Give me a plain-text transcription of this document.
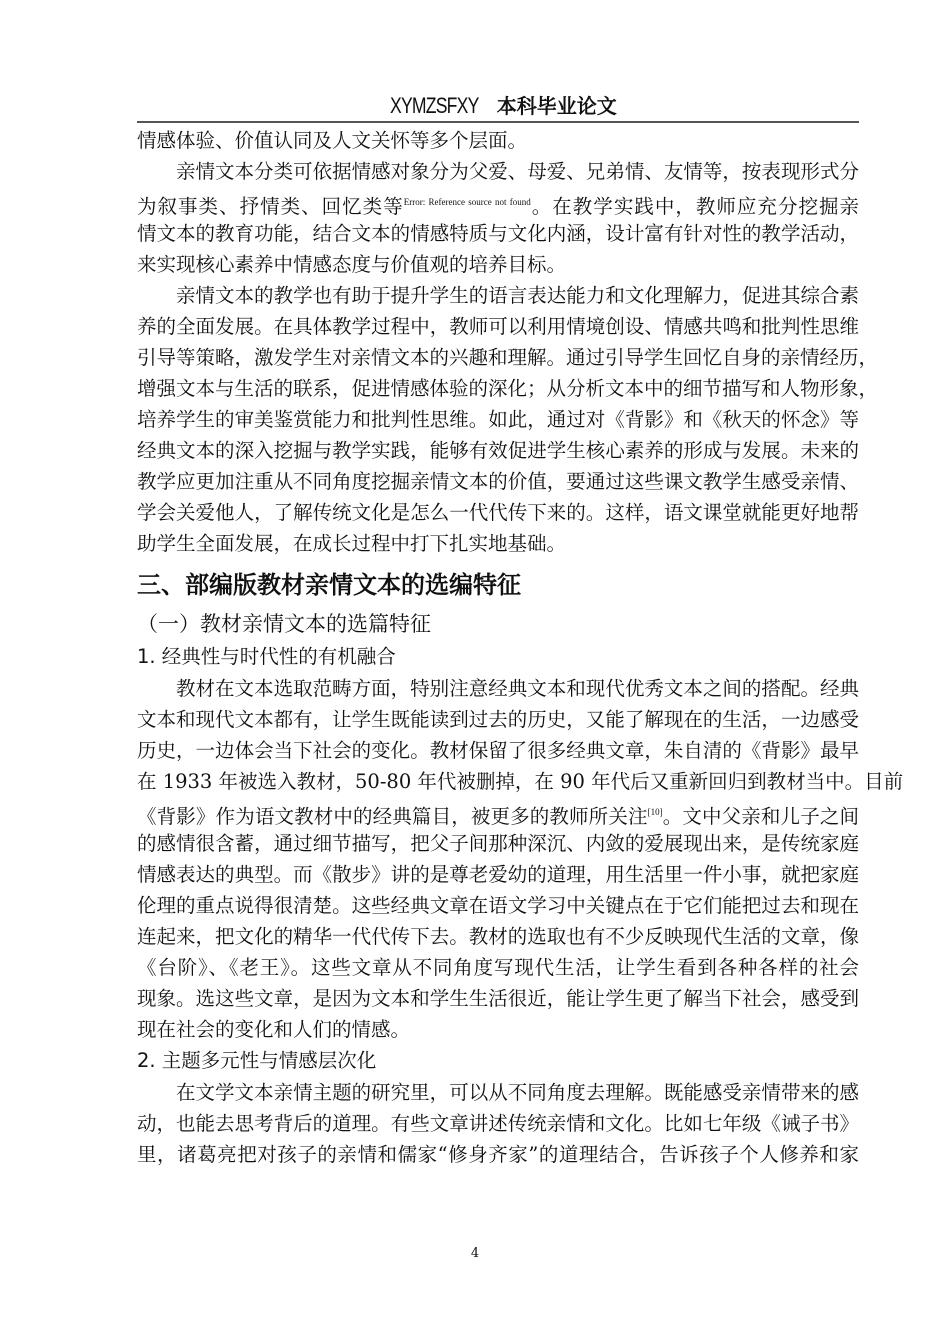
XYMZSFXY 本科毕业论文
情感体验、价值认同及人文关怀等多个层面。
亲情文本分类可依据情感对象分为父爱、母爱、兄弟情、友情等，按表现形式分
为叙事类、抒情类、回忆类等$^{Error: Reference source not found}$。在教学实践中，教师应充分挖掘亲
情文本的教育功能，结合文本的情感特质与文化内涵，设计富有针对性的教学活动，
来实现核心素养中情感态度与价值观的培养目标。
亲情文本的教学也有助于提升学生的语言表达能力和文化理解力，促进其综合素
养的全面发展。在具体教学过程中，教师可以利用情境创设、情感共鸣和批判性思维
引导等策略，激发学生对亲情文本的兴趣和理解。通过引导学生回忆自身的亲情经历，
增强文本与生活的联系，促进情感体验的深化；从分析文本中的细节描写和人物形象，
培养学生的审美鉴赏能力和批判性思维。如此，通过对《背影》和《秋天的怀念》等
经典文本的深入挖掘与教学实践，能够有效促进学生核心素养的形成与发展。未来的
教学应更加注重从不同角度挖掘亲情文本的价值，要通过这些课文教学生感受亲情、
学会关爱他人，了解传统文化是怎么一代代传下来的。这样，语文课堂就能更好地帮
助学生全面发展，在成长过程中打下扎实地基础。
三、部编版教材亲情文本的选编特征
（一）教材亲情文本的选篇特征
1. 经典性与时代性的有机融合
教材在文本选取范畴方面，特别注意经典文本和现代优秀文本之间的搭配。经典
文本和现代文本都有，让学生既能读到过去的历史，又能了解现在的生活，一边感受
历史，一边体会当下社会的变化。教材保留了很多经典文章，朱自清的《背影》最早
在 1933 年被选入教材，50-80 年代被删掉，在 90 年代后又重新回归到教材当中。目前
《背影》作为语文教材中的经典篇目，被更多的教师所关注[10]。文中父亲和儿子之间
的感情很含蓄，通过细节描写，把父子间那种深沉、内敛的爱展现出来，是传统家庭
情感表达的典型。而《散步》讲的是尊老爱幼的道理，用生活里一件小事，就把家庭
伦理的重点说得很清楚。这些经典文章在语文学习中关键点在于它们能把过去和现在
连起来，把文化的精华一代代传下去。教材的选取也有不少反映现代生活的文章，像
《台阶》、《老王》。这些文章从不同角度写现代生活，让学生看到各种各样的社会
现象。选这些文章，是因为文本和学生生活很近，能让学生更了解当下社会，感受到
现在社会的变化和人们的情感。
2. 主题多元性与情感层次化
在文学文本亲情主题的研究里，可以从不同角度去理解。既能感受亲情带来的感
动，也能去思考背后的道理。有些文章讲述传统亲情和文化。比如七年级《诫子书》
里，诸葛亮把对孩子的亲情和儒家“修身齐家”的道理结合，告诉孩子个人修养和家
4
